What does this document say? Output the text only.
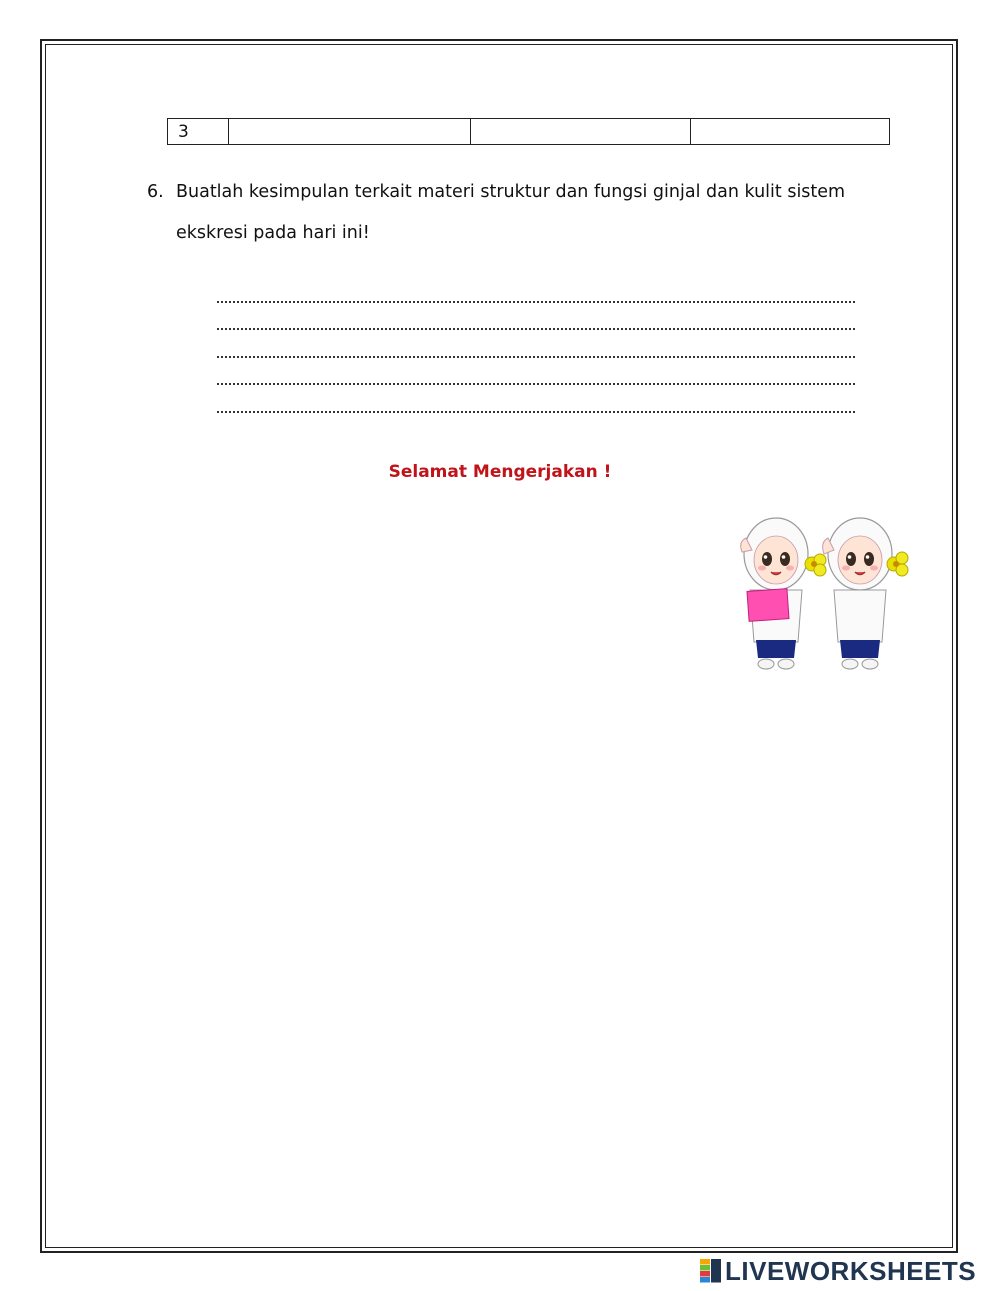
3			
6. Buatlah kesimpulan terkait materi struktur dan fungsi ginjal dan kulit sistem ekskresi pada hari ini!
Selamat Mengerjakan !
LIVEWORKSHEETS
